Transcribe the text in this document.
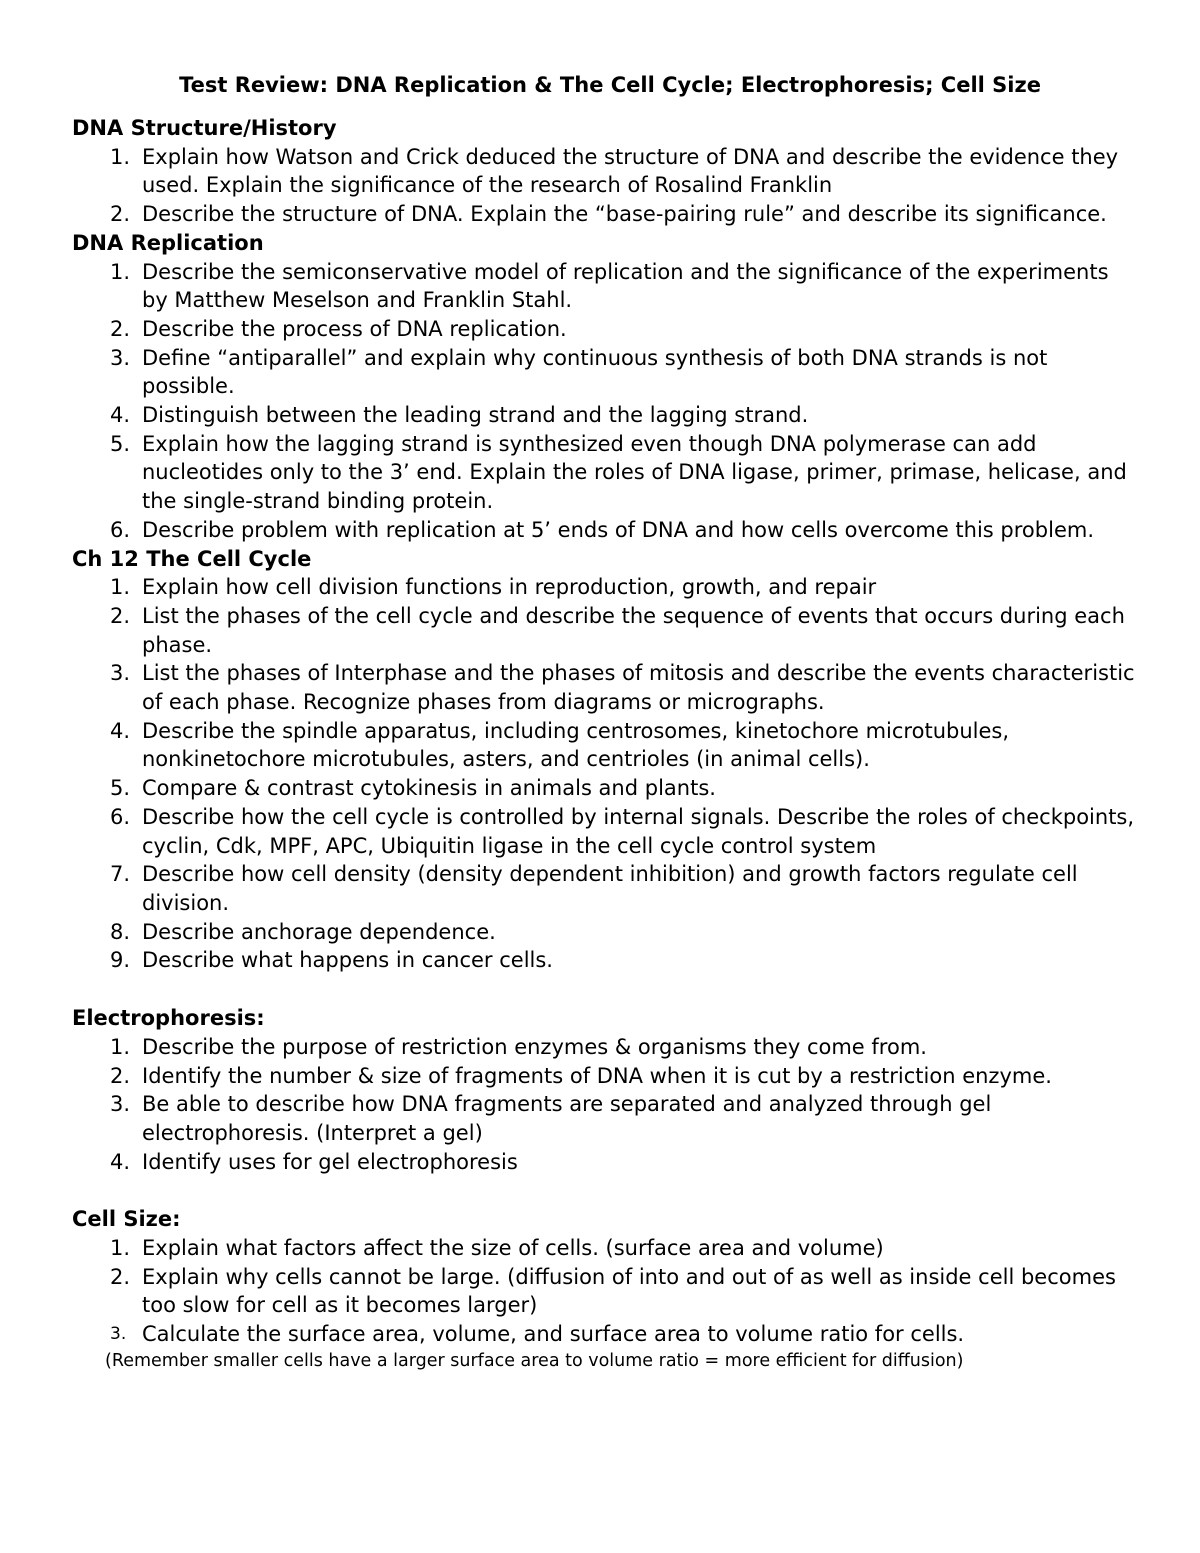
Test Review: DNA Replication & The Cell Cycle; Electrophoresis; Cell Size
DNA Structure/History
1. Explain how Watson and Crick deduced the structure of DNA and describe the evidence they used. Explain the significance of the research of Rosalind Franklin
2. Describe the structure of DNA. Explain the “base-pairing rule” and describe its significance.
DNA Replication
1. Describe the semiconservative model of replication and the significance of the experiments by Matthew Meselson and Franklin Stahl.
2. Describe the process of DNA replication.
3. Define “antiparallel” and explain why continuous synthesis of both DNA strands is not possible.
4. Distinguish between the leading strand and the lagging strand.
5. Explain how the lagging strand is synthesized even though DNA polymerase can add nucleotides only to the 3’ end. Explain the roles of DNA ligase, primer, primase, helicase, and the single-strand binding protein.
6. Describe problem with replication at 5’ ends of DNA and how cells overcome this problem.
Ch 12 The Cell Cycle
1. Explain how cell division functions in reproduction, growth, and repair
2. List the phases of the cell cycle and describe the sequence of events that occurs during each phase.
3. List the phases of Interphase and the phases of mitosis and describe the events characteristic of each phase. Recognize phases from diagrams or micrographs.
4. Describe the spindle apparatus, including centrosomes, kinetochore microtubules, nonkinetochore microtubules, asters, and centrioles (in animal cells).
5. Compare & contrast cytokinesis in animals and plants.
6. Describe how the cell cycle is controlled by internal signals. Describe the roles of checkpoints, cyclin, Cdk, MPF, APC, Ubiquitin ligase in the cell cycle control system
7. Describe how cell density (density dependent inhibition) and growth factors regulate cell division.
8. Describe anchorage dependence.
9. Describe what happens in cancer cells.
Electrophoresis:
1. Describe the purpose of restriction enzymes & organisms they come from.
2. Identify the number & size of fragments of DNA when it is cut by a restriction enzyme.
3. Be able to describe how DNA fragments are separated and analyzed through gel electrophoresis. (Interpret a gel)
4. Identify uses for gel electrophoresis
Cell Size:
1. Explain what factors affect the size of cells. (surface area and volume)
2. Explain why cells cannot be large. (diffusion of into and out of as well as inside cell becomes too slow for cell as it becomes larger)
3. Calculate the surface area, volume, and surface area to volume ratio for cells.
(Remember smaller cells have a larger surface area to volume ratio = more efficient for diffusion)
